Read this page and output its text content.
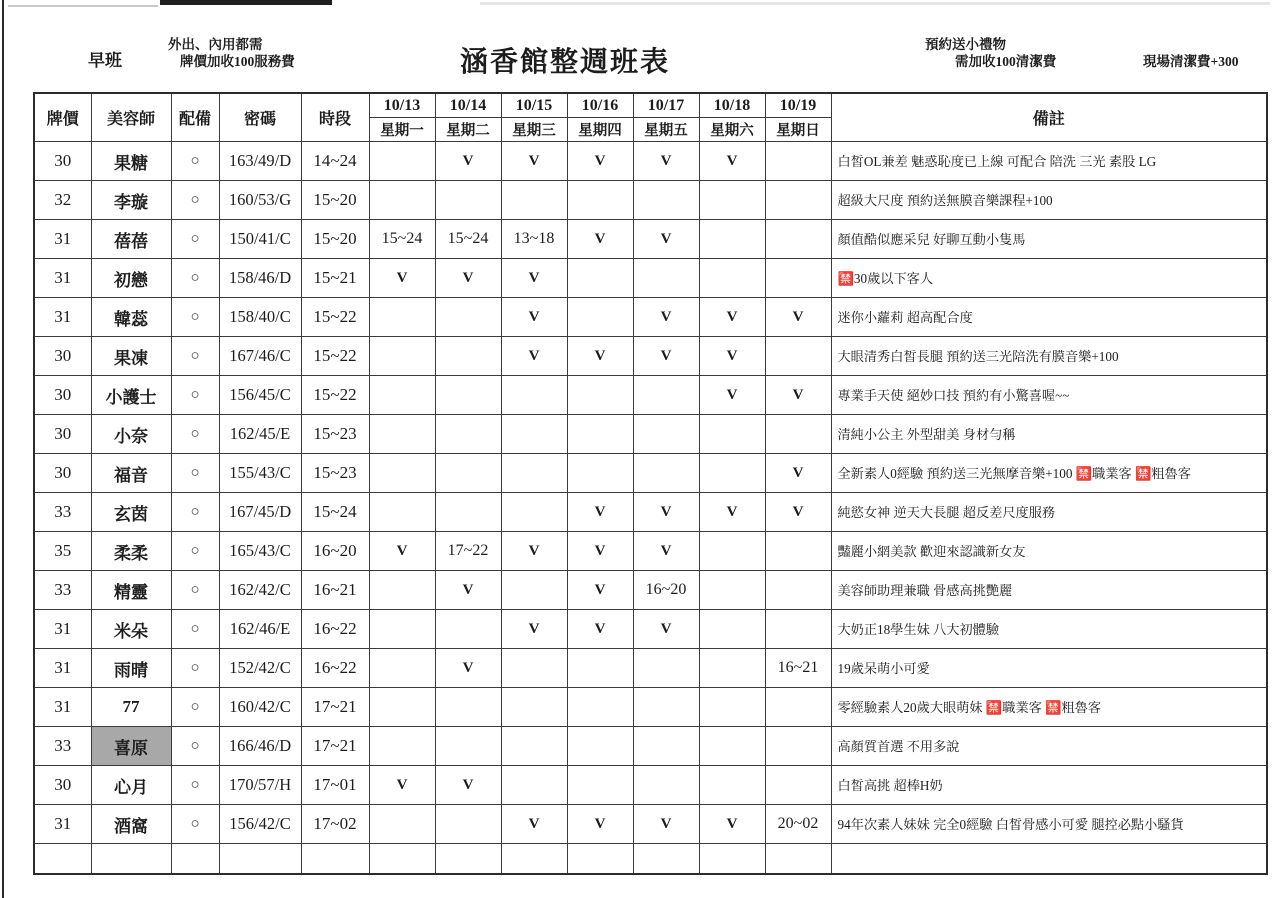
早班
外出、內用都需
牌價加收100服務費	涵香館整週班表
預約送小禮物
需加收100清潔費	現場清潔費+300
牌價	美容師	配備	密碼	時段	10/13	10/14	10/15	10/16	10/17	10/18	10/19	備註
					星期一	星期二	星期三	星期四	星期五	星期六	星期日	
30	果糖	○	163/49/D	14~24		V	V	V	V	V		白皙OL兼差 魅惑恥度已上線 可配合 陪洗 三光 素股 LG
32	李璇	○	160/53/G	15~20								超級大尺度 預約送無膜音樂課程+100
31	蓓蓓	○	150/41/C	15~20	15~24	15~24	13~18	V	V			顏值酷似應采兒 好聊互動小隻馬
31	初戀	○	158/46/D	15~21	V	V	V					🈲30歲以下客人
31	韓蕊	○	158/40/C	15~22			V		V	V	V	迷你小蘿莉 超高配合度
30	果凍	○	167/46/C	15~22			V	V	V	V		大眼清秀白皙長腿 預約送三光陪洗有膜音樂+100
30	小護士	○	156/45/C	15~22						V	V	專業手天使 絕妙口技 預約有小驚喜喔~~
30	小奈	○	162/45/E	15~23								清純小公主 外型甜美 身材勻稱
30	福音	○	155/43/C	15~23							V	全新素人0經驗 預約送三光無摩音樂+100 🈲職業客 🈲粗魯客
33	玄茵	○	167/45/D	15~24				V	V	V	V	純慾女神 逆天大長腿 超反差尺度服務
35	柔柔	○	165/43/C	16~20	V	17~22	V	V	V			豔麗小網美款 歡迎來認識新女友
33	精靈	○	162/42/C	16~21		V		V	16~20			美容師助理兼職 骨感高挑艷麗
31	米朵	○	162/46/E	16~22			V	V	V			大奶正18學生妹 八大初體驗
31	雨晴	○	152/42/C	16~22		V					16~21	19歲呆萌小可愛
31	77	○	160/42/C	17~21								零經驗素人20歲大眼萌妹 🈲職業客 🈲粗魯客
33	喜原	○	166/46/D	17~21								高顏質首選 不用多說
30	心月	○	170/57/H	17~01	V	V						白皙高挑 超棒H奶
31	酒窩	○	156/42/C	17~02			V	V	V	V	20~02	94年次素人妹妹 完全0經驗 白皙骨感小可愛 腿控必點小騷貨
